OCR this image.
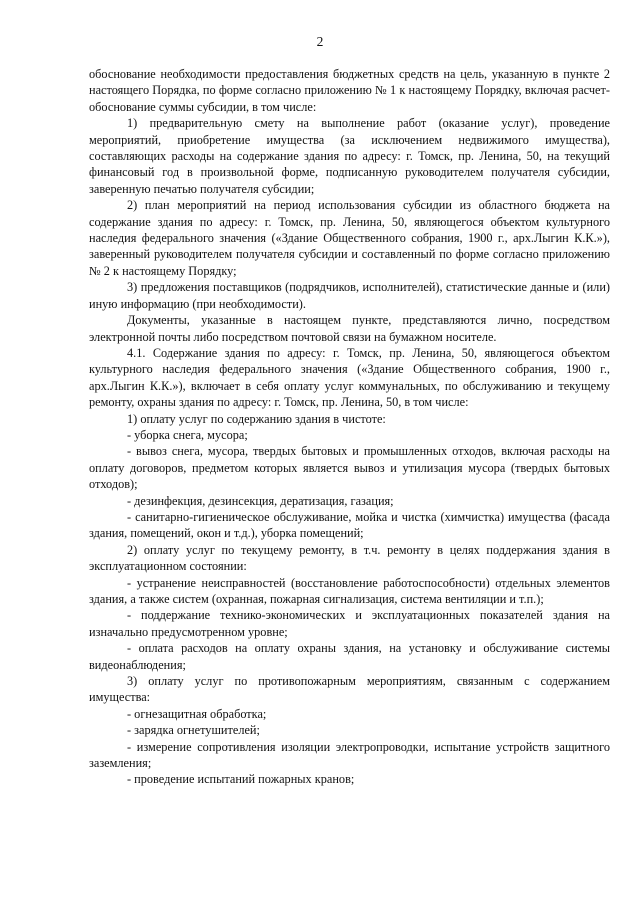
2

обоснование необходимости предоставления бюджетных средств на цель, указанную в пункте 2 настоящего Порядка, по форме согласно приложению № 1 к настоящему Порядку, включая расчет-обоснование суммы субсидии, в том числе:

1) предварительную смету на выполнение работ (оказание услуг), проведение мероприятий, приобретение имущества (за исключением недвижимого имущества), составляющих расходы на содержание здания по адресу: г. Томск, пр. Ленина, 50, на текущий финансовый год в произвольной форме, подписанную руководителем получателя субсидии, заверенную печатью получателя субсидии;

2) план мероприятий на период использования субсидии из областного бюджета на содержание здания по адресу: г. Томск, пр. Ленина, 50, являющегося объектом культурного наследия федерального значения («Здание Общественного собрания, 1900 г., арх.Лыгин К.К.»), заверенный руководителем получателя субсидии и составленный по форме согласно приложению № 2 к настоящему Порядку;

3) предложения поставщиков (подрядчиков, исполнителей), статистические данные и (или) иную информацию (при необходимости).

Документы, указанные в настоящем пункте, представляются лично, посредством электронной почты либо посредством почтовой связи на бумажном носителе.

4.1. Содержание здания по адресу: г. Томск, пр. Ленина, 50, являющегося объектом культурного наследия федерального значения («Здание Общественного собрания, 1900 г., арх.Лыгин К.К.»), включает в себя оплату услуг коммунальных, по обслуживанию и текущему ремонту, охраны здания по адресу: г. Томск, пр. Ленина, 50, в том числе:

1) оплату услуг по содержанию здания в чистоте:

- уборка снега, мусора;

- вывоз снега, мусора, твердых бытовых и промышленных отходов, включая расходы на оплату договоров, предметом которых является вывоз и утилизация мусора (твердых бытовых отходов);

- дезинфекция, дезинсекция, дератизация, газация;

- санитарно-гигиеническое обслуживание, мойка и чистка (химчистка) имущества (фасада здания, помещений, окон и т.д.), уборка помещений;

2) оплату услуг по текущему ремонту, в т.ч. ремонту в целях поддержания здания в эксплуатационном состоянии:

- устранение неисправностей (восстановление работоспособности) отдельных элементов здания, а также систем (охранная, пожарная сигнализация, система вентиляции и т.п.);

- поддержание технико-экономических и эксплуатационных показателей здания на изначально предусмотренном уровне;

- оплата расходов на оплату охраны здания, на установку и обслуживание системы видеонаблюдения;

3) оплату услуг по противопожарным мероприятиям, связанным с содержанием имущества:

- огнезащитная обработка;

- зарядка огнетушителей;

- измерение сопротивления изоляции электропроводки, испытание устройств защитного заземления;

- проведение испытаний пожарных кранов;
